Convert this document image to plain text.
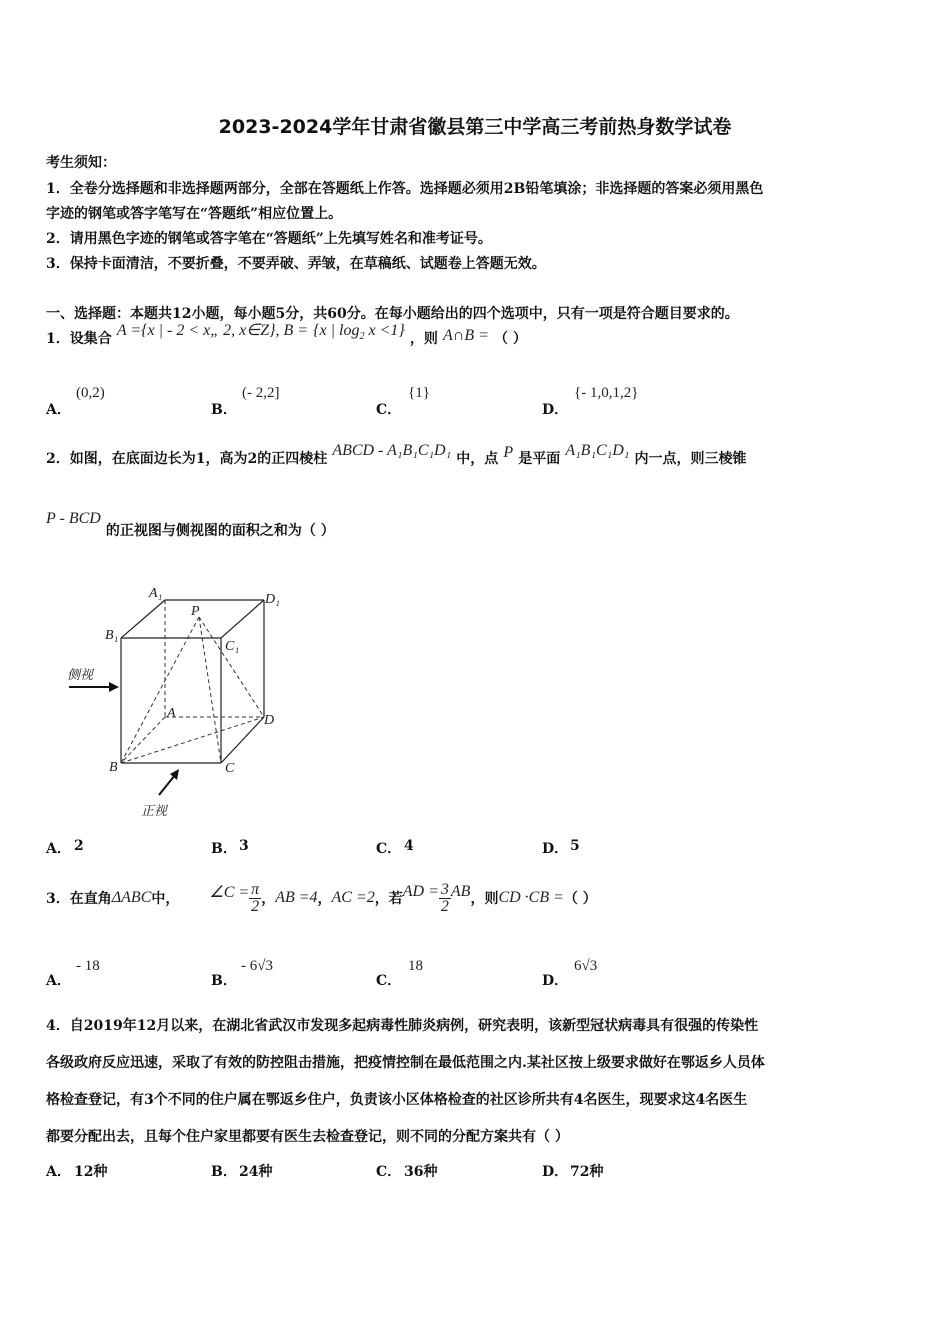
2023-2024学年甘肃省徽县第三中学高三考前热身数学试卷
考生须知：
1．全卷分选择题和非选择题两部分，全部在答题纸上作答。选择题必须用2B铅笔填涂；非选择题的答案必须用黑色
字迹的钢笔或答字笔写在“答题纸”相应位置上。
2．请用黑色字迹的钢笔或答字笔在“答题纸”上先填写姓名和准考证号。
3．保持卡面清洁，不要折叠，不要弄破、弄皱，在草稿纸、试题卷上答题无效。
一、选择题：本题共12小题，每小题5分，共60分。在每小题给出的四个选项中，只有一项是符合题目要求的。
1．设集合 A ={x | - 2 < x„ 2, x∈Z}, B = {x | $\log_2 x <1$} ，则 A∩B = （ ）
A．
(0,2)
B．
(- 2,2]
C．
{1}
D．
{- 1,0,1,2}
2．如图，在底面边长为1，高为2的正四棱柱 ABCD - A₁B₁C₁D₁ 中，点 P 是平面 A₁B₁C₁D₁ 内一点，则三棱锥
P - BCD 的正视图与侧视图的面积之和为（ ）
A₁	D₁
B₁
C₁
P
A	D
B	C
侧视
正视
A． 2	B． 3	C． 4	D． 5
3．在直角 ΔABC 中， ∠C = $\frac{\pi}{2}$ ， AB =4 ， AC =2 ，若 AD = $\frac{3}{2}$ AB ，则 CD ·CB = （ ）
A．
- 18
B．
- 6√3
C．
18
D．
6√3
4．自2019年12月以来，在湖北省武汉市发现多起病毒性肺炎病例，研究表明，该新型冠状病毒具有很强的传染性
各级政府反应迅速，采取了有效的防控阻击措施，把疫情控制在最低范围之内.某社区按上级要求做好在鄂返乡人员体
格检查登记，有3个不同的住户属在鄂返乡住户，负责该小区体格检查的社区诊所共有4名医生，现要求这4名医生
都要分配出去，且每个住户家里都要有医生去检查登记，则不同的分配方案共有（ ）
A． 12种	B． 24种	C． 36种	D． 72种
